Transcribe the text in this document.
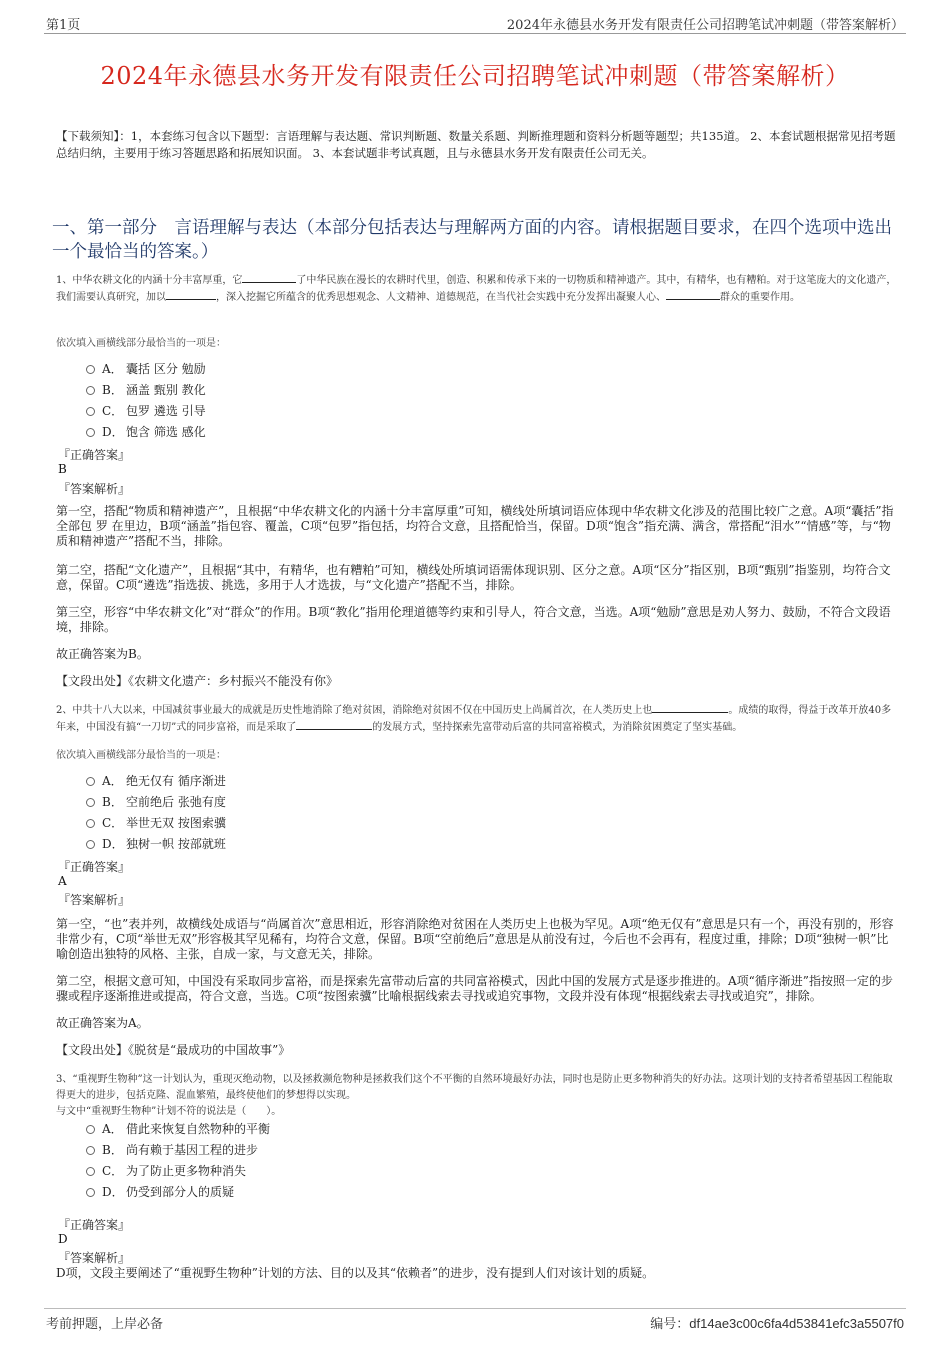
第1页	2024年永德县水务开发有限责任公司招聘笔试冲刺题（带答案解析）
2024年永德县水务开发有限责任公司招聘笔试冲刺题（带答案解析）
【下载须知】：1，本套练习包含以下题型：言语理解与表达题、常识判断题、数量关系题、判断推理题和资料分析题等题型；共135道。 2、本套试题根据常见招考题总结归纳，主要用于练习答题思路和拓展知识面。 3、本套试题非考试真题，且与永德县水务开发有限责任公司无关。
一、第一部分　言语理解与表达（本部分包括表达与理解两方面的内容。请根据题目要求，在四个选项中选出一个最恰当的答案。）
1、中华农耕文化的内涵十分丰富厚重，它	了中华民族在漫长的农耕时代里，创造、积累和传承下来的一切物质和精神遗产。其中，有精华，也有糟粕。对于这笔庞大的文化遗产，我们需要认真研究，加以	，深入挖掘它所蕴含的优秀思想观念、人文精神、道德规范，在当代社会实践中充分发挥出凝聚人心、	群众的重要作用。
依次填入画横线部分最恰当的一项是：
A． 囊括 区分 勉励
B． 涵盖 甄别 教化
C． 包罗 遴选 引导
D． 饱含 筛选 感化
『正确答案』
B
『答案解析』
第一空，搭配“物质和精神遗产”，且根据“中华农耕文化的内涵十分丰富厚重”可知，横线处所填词语应体现中华农耕文化涉及的范围比较广之意。A项“囊括”指全部包 罗 在里边，B项“涵盖”指包容、覆盖，C项“包罗”指包括，均符合文意，且搭配恰当，保留。D项“饱含”指充满、满含，常搭配“泪水”“情感”等，与“物质和精神遗产”搭配不当，排除。
第二空，搭配“文化遗产”，且根据“其中，有精华，也有糟粕”可知，横线处所填词语需体现识别、区分之意。A项“区分”指区别，B项“甄别”指鉴别，均符合文意，保留。C项“遴选”指选拔、挑选，多用于人才选拔，与“文化遗产”搭配不当，排除。
第三空，形容“中华农耕文化”对“群众”的作用。B项“教化”指用伦理道德等约束和引导人，符合文意，当选。A项“勉励”意思是劝人努力、鼓励，不符合文段语境，排除。
故正确答案为B。
【文段出处】《农耕文化遗产：乡村振兴不能没有你》
2、中共十八大以来，中国减贫事业最大的成就是历史性地消除了绝对贫困，消除绝对贫困不仅在中国历史上尚属首次，在人类历史上也	。成绩的取得，得益于改革开放40多年来，中国没有搞“一刀切”式的同步富裕，而是采取了	的发展方式，坚持探索先富带动后富的共同富裕模式，为消除贫困奠定了坚实基础。
依次填入画横线部分最恰当的一项是：
A． 绝无仅有 循序渐进
B． 空前绝后 张弛有度
C． 举世无双 按图索骥
D． 独树一帜 按部就班
『正确答案』
A
『答案解析』
第一空，“也”表并列，故横线处成语与“尚属首次”意思相近，形容消除绝对贫困在人类历史上也极为罕见。A项“绝无仅有”意思是只有一个，再没有别的，形容非常少有，C项“举世无双”形容极其罕见稀有，均符合文意，保留。B项“空前绝后”意思是从前没有过，今后也不会再有，程度过重，排除；D项“独树一帜”比喻创造出独特的风格、主张，自成一家，与文意无关，排除。
第二空，根据文意可知，中国没有采取同步富裕，而是探索先富带动后富的共同富裕模式，因此中国的发展方式是逐步推进的。A项“循序渐进”指按照一定的步骤或程序逐渐推进或提高，符合文意，当选。C项“按图索骥”比喻根据线索去寻找或追究事物，文段并没有体现“根据线索去寻找或追究”，排除。
故正确答案为A。
【文段出处】《脱贫是“最成功的中国故事”》
3、“重视野生物种”这一计划认为，重现灭绝动物，以及拯救濒危物种是拯救我们这个不平衡的自然环境最好办法，同时也是防止更多物种消失的好办法。这项计划的支持者希望基因工程能取得更大的进步，包括克隆、混血繁殖，最终使他们的梦想得以实现。
与文中“重视野生物种”计划不符的说法是（　　）。
A． 借此来恢复自然物种的平衡
B． 尚有赖于基因工程的进步
C． 为了防止更多物种消失
D． 仍受到部分人的质疑
『正确答案』
D
『答案解析』
D项，文段主要阐述了“重视野生物种”计划的方法、目的以及其“依赖者”的进步，没有提到人们对该计划的质疑。
考前押题，上岸必备	编号：df14ae3c00c6fa4d53841efc3a5507f0
